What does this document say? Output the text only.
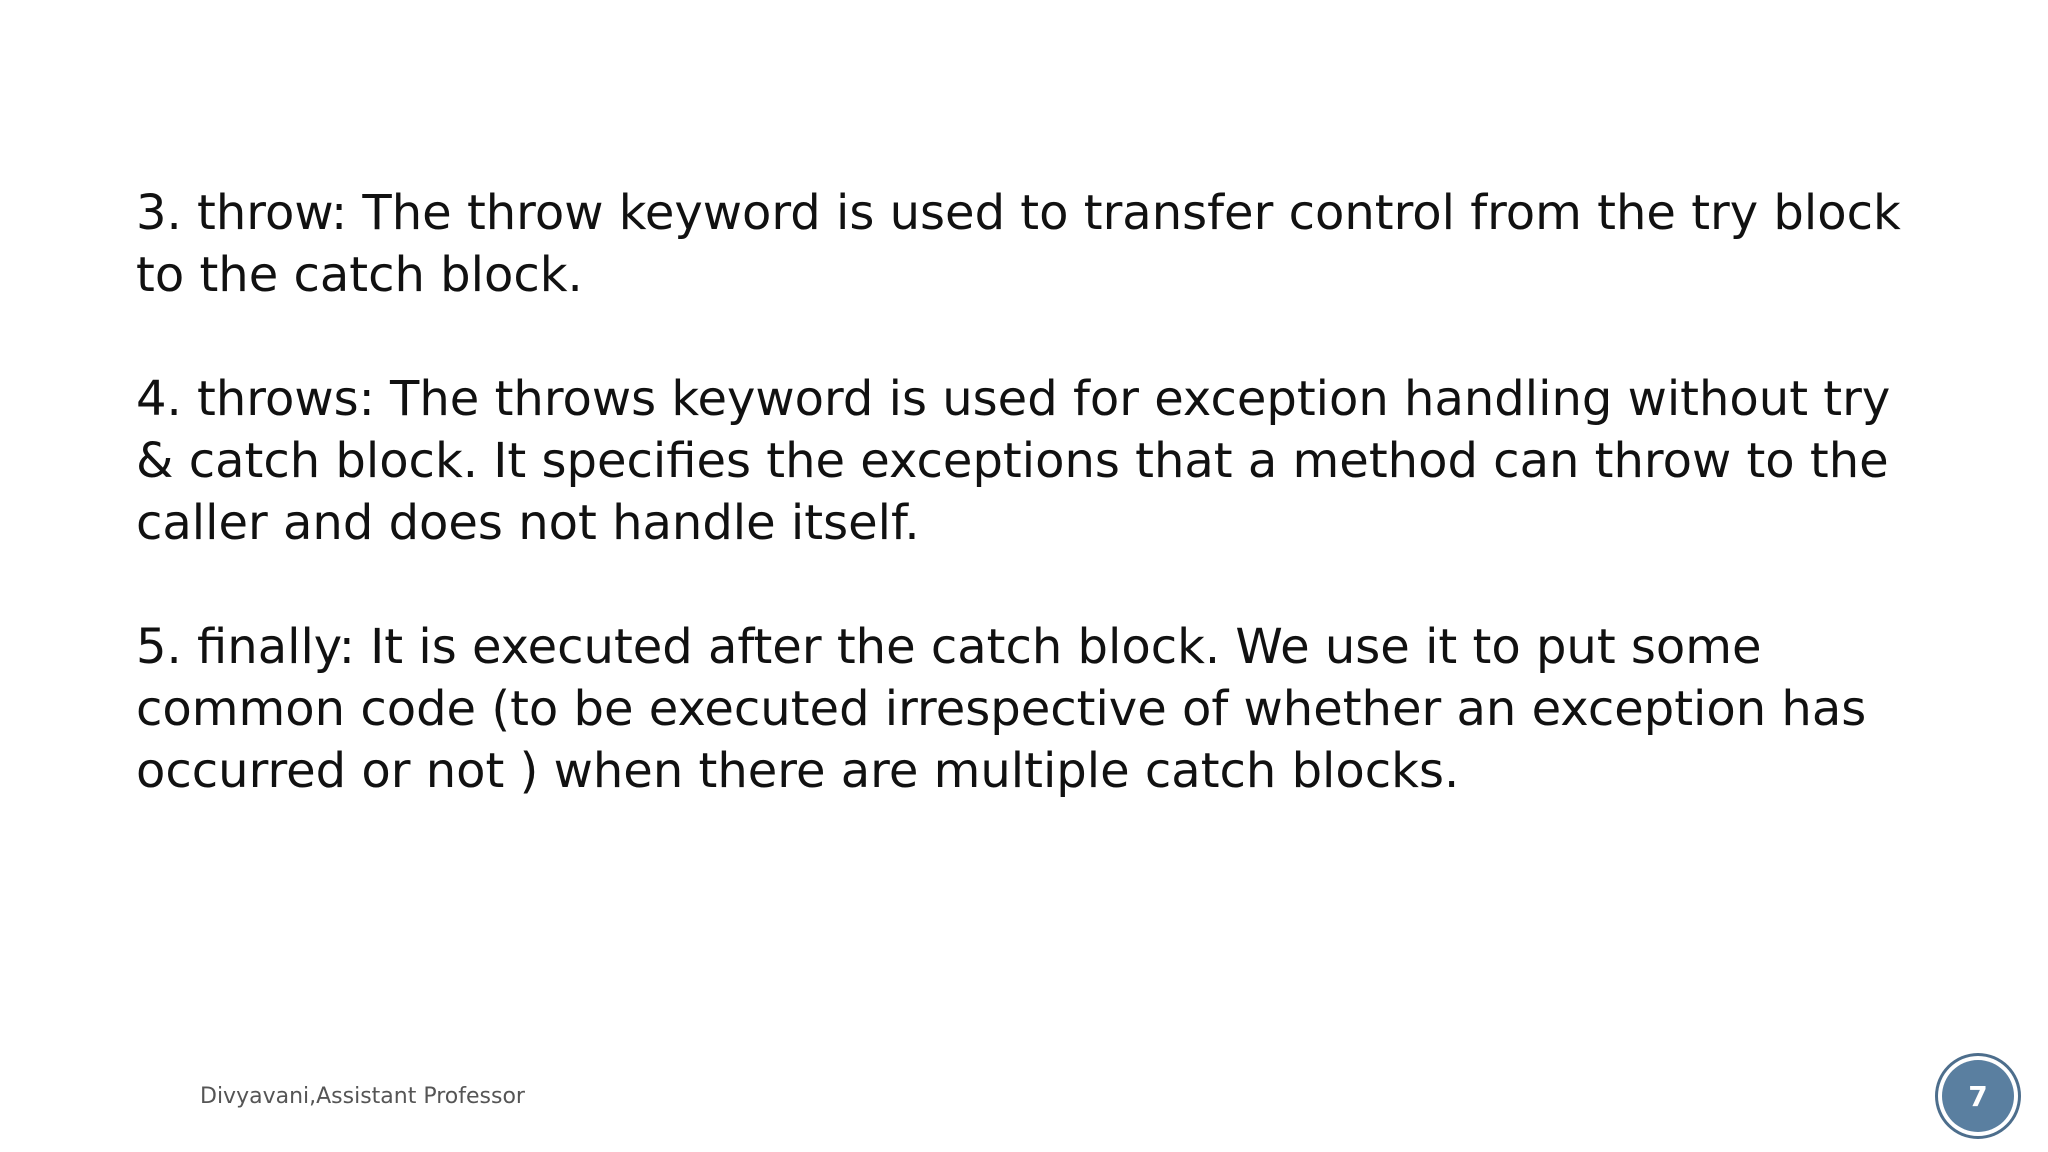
3. throw: The throw keyword is used to transfer control from the try block
to the catch block.

4. throws: The throws keyword is used for exception handling without try
& catch block. It specifies the exceptions that a method can throw to the
caller and does not handle itself.

5. finally: It is executed after the catch block. We use it to put some
common code (to be executed irrespective of whether an exception has
occurred or not ) when there are multiple catch blocks.

Divyavani,Assistant Professor	7
